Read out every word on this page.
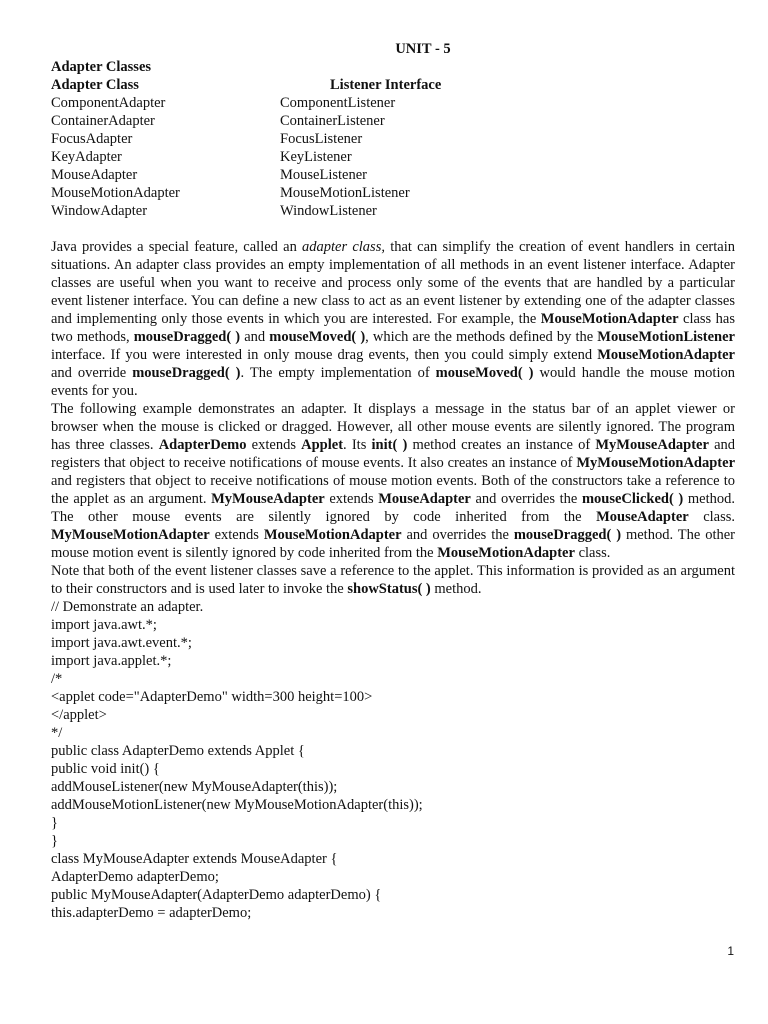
UNIT - 5
Adapter Classes
Adapter Class	Listener Interface
ComponentAdapter	ComponentListener
ContainerAdapter	ContainerListener
FocusAdapter	FocusListener
KeyAdapter	KeyListener
MouseAdapter	MouseListener
MouseMotionAdapter	MouseMotionListener
WindowAdapter	WindowListener

Java provides a special feature, called an adapter class, that can simplify the creation of event handlers in certain situations. An adapter class provides an empty implementation of all methods in an event listener interface. Adapter classes are useful when you want to receive and process only some of the events that are handled by a particular event listener interface. You can define a new class to act as an event listener by extending one of the adapter classes and implementing only those events in which you are interested. For example, the MouseMotionAdapter class has two methods, mouseDragged( ) and mouseMoved( ), which are the methods defined by the MouseMotionListener interface. If you were interested in only mouse drag events, then you could simply extend MouseMotionAdapter and override mouseDragged( ). The empty implementation of mouseMoved( ) would handle the mouse motion events for you.

The following example demonstrates an adapter. It displays a message in the status bar of an applet viewer or browser when the mouse is clicked or dragged. However, all other mouse events are silently ignored. The program has three classes. AdapterDemo extends Applet. Its init( ) method creates an instance of MyMouseAdapter and registers that object to receive notifications of mouse events. It also creates an instance of MyMouseMotionAdapter and registers that object to receive notifications of mouse motion events. Both of the constructors take a reference to the applet as an argument. MyMouseAdapter extends MouseAdapter and overrides the mouseClicked( ) method. The other mouse events are silently ignored by code inherited from the MouseAdapter class. MyMouseMotionAdapter extends MouseMotionAdapter and overrides the mouseDragged( ) method. The other mouse motion event is silently ignored by code inherited from the MouseMotionAdapter class.

Note that both of the event listener classes save a reference to the applet. This information is provided as an argument to their constructors and is used later to invoke the showStatus( ) method.

// Demonstrate an adapter.
import java.awt.*;
import java.awt.event.*;
import java.applet.*;
/*
<applet code="AdapterDemo" width=300 height=100>
</applet>
*/
public class AdapterDemo extends Applet {
public void init() {
addMouseListener(new MyMouseAdapter(this));
addMouseMotionListener(new MyMouseMotionAdapter(this));
}
}
class MyMouseAdapter extends MouseAdapter {
AdapterDemo adapterDemo;
public MyMouseAdapter(AdapterDemo adapterDemo) {
this.adapterDemo = adapterDemo;
1
